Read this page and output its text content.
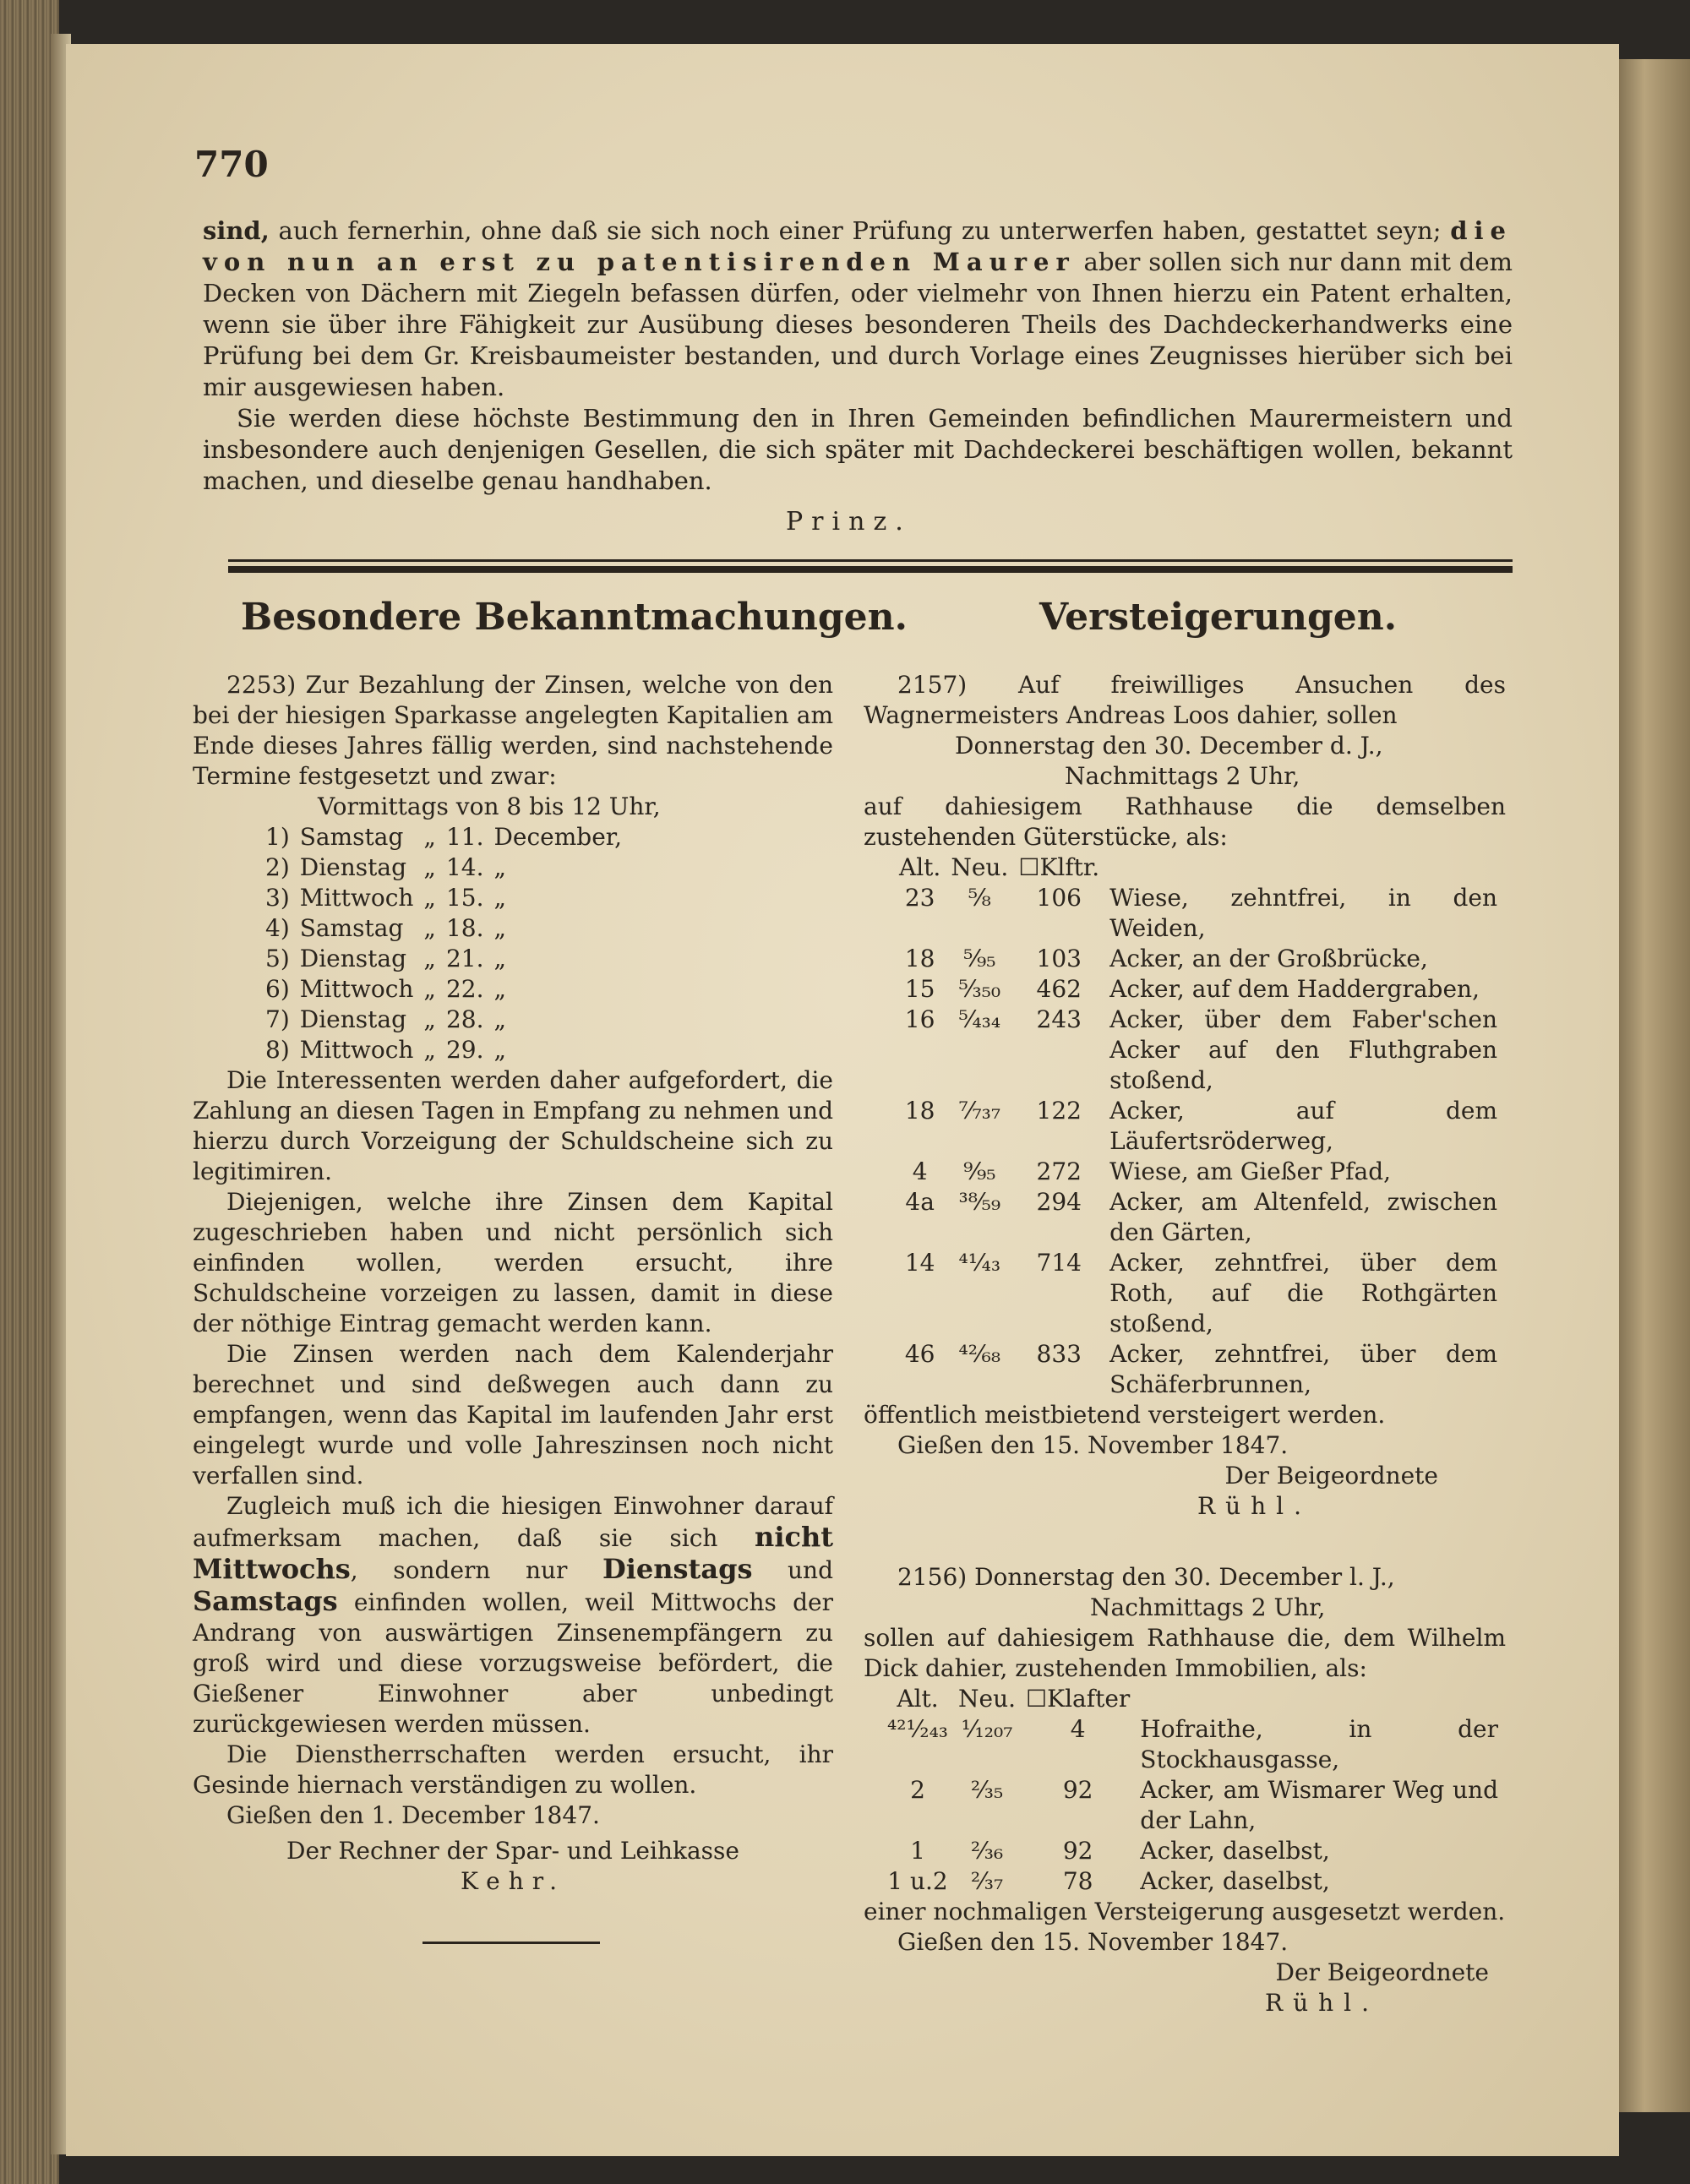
770

sind, auch fernerhin, ohne daß sie sich noch einer Prüfung zu unterwerfen haben, gestattet seyn; die von nun an erst zu patentisirenden Maurer aber sollen sich nur dann mit dem Decken von Dächern mit Ziegeln befassen dürfen, oder vielmehr von Ihnen hierzu ein Patent erhalten, wenn sie über ihre Fähigkeit zur Ausübung dieses besonderen Theils des Dachdeckerhandwerks eine Prüfung bei dem Gr. Kreisbaumeister bestanden, und durch Vorlage eines Zeugnisses hierüber sich bei mir ausgewiesen haben.

Sie werden diese höchste Bestimmung den in Ihren Gemeinden befindlichen Maurermeistern und insbesondere auch denjenigen Gesellen, die sich später mit Dachdeckerei beschäftigen wollen, bekannt machen, und dieselbe genau handhaben.

Prinz.
Besondere Bekanntmachungen.	Versteigerungen.

2253) Zur Bezahlung der Zinsen, welche von den bei der hiesigen Sparkasse angelegten Kapitalien am Ende dieses Jahres fällig werden, sind nachstehende Termine festgesetzt und zwar:

Vormittags von 8 bis 12 Uhr,

1)	Samstag	„	11.	December,
2)	Dienstag	„	14.	„
3)	Mittwoch	„	15.	„
4)	Samstag	„	18.	„
5)	Dienstag	„	21.	„
6)	Mittwoch	„	22.	„
7)	Dienstag	„	28.	„
8)	Mittwoch	„	29.	„

Die Interessenten werden daher aufgefordert, die Zahlung an diesen Tagen in Empfang zu nehmen und hierzu durch Vorzeigung der Schuldscheine sich zu legitimiren.

Diejenigen, welche ihre Zinsen dem Kapital zugeschrieben haben und nicht persönlich sich einfinden wollen, werden ersucht, ihre Schuldscheine vorzeigen zu lassen, damit in diese der nöthige Eintrag gemacht werden kann.

Die Zinsen werden nach dem Kalenderjahr berechnet und sind deßwegen auch dann zu empfangen, wenn das Kapital im laufenden Jahr erst eingelegt wurde und volle Jahreszinsen noch nicht verfallen sind.

Zugleich muß ich die hiesigen Einwohner darauf aufmerksam machen, daß sie sich nicht Mittwochs, sondern nur Dienstags und Samstags einfinden wollen, weil Mittwochs der Andrang von auswärtigen Zinsenempfängern zu groß wird und diese vorzugsweise befördert, die Gießener Einwohner aber unbedingt zurückgewiesen werden müssen.

Die Dienstherrschaften werden ersucht, ihr Gesinde hiernach verständigen zu wollen.

Gießen den 1. December 1847.

Der Rechner der Spar- und Leihkasse

Kehr.

2157) Auf freiwilliges Ansuchen des Wagnermeisters Andreas Loos dahier, sollen

Donnerstag den 30. December d. J.,

Nachmittags 2 Uhr,

auf dahiesigem Rathhause die demselben zustehenden Güterstücke, als:

Alt.	Neu.	☐Klftr.	
23	⁵⁄₈	106	Wiese, zehntfrei, in den Weiden,
18	⁵⁄₉₅	103	Acker, an der Großbrücke,
15	⁵⁄₃₅₀	462	Acker, auf dem Haddergraben,
16	⁵⁄₄₃₄	243	Acker, über dem Faber'schen Acker auf den Fluthgraben stoßend,
18	⁷⁄₇₃₇	122	Acker, auf dem Läufertsröderweg,
4	⁹⁄₉₅	272	Wiese, am Gießer Pfad,
4a	³⁸⁄₅₉	294	Acker, am Altenfeld, zwischen den Gärten,
14	⁴¹⁄₄₃	714	Acker, zehntfrei, über dem Roth, auf die Rothgärten stoßend,
46	⁴²⁄₆₈	833	Acker, zehntfrei, über dem Schäferbrunnen,

öffentlich meistbietend versteigert werden.

Gießen den 15. November 1847.

Der Beigeordnete

Rühl.

2156) Donnerstag den 30. December l. J.,

Nachmittags 2 Uhr,

sollen auf dahiesigem Rathhause die, dem Wilhelm Dick dahier, zustehenden Immobilien, als:

Alt.	Neu.	☐Klafter	
⁴²¹⁄₂₄₃	¹⁄₁₂₀₇	4	Hofraithe, in der Stockhausgasse,
2	²⁄₃₅	92	Acker, am Wismarer Weg und der Lahn,
1	²⁄₃₆	92	Acker, daselbst,
1 u.2	²⁄₃₇	78	Acker, daselbst,

einer nochmaligen Versteigerung ausgesetzt werden.

Gießen den 15. November 1847.

Der Beigeordnete

Rühl.
